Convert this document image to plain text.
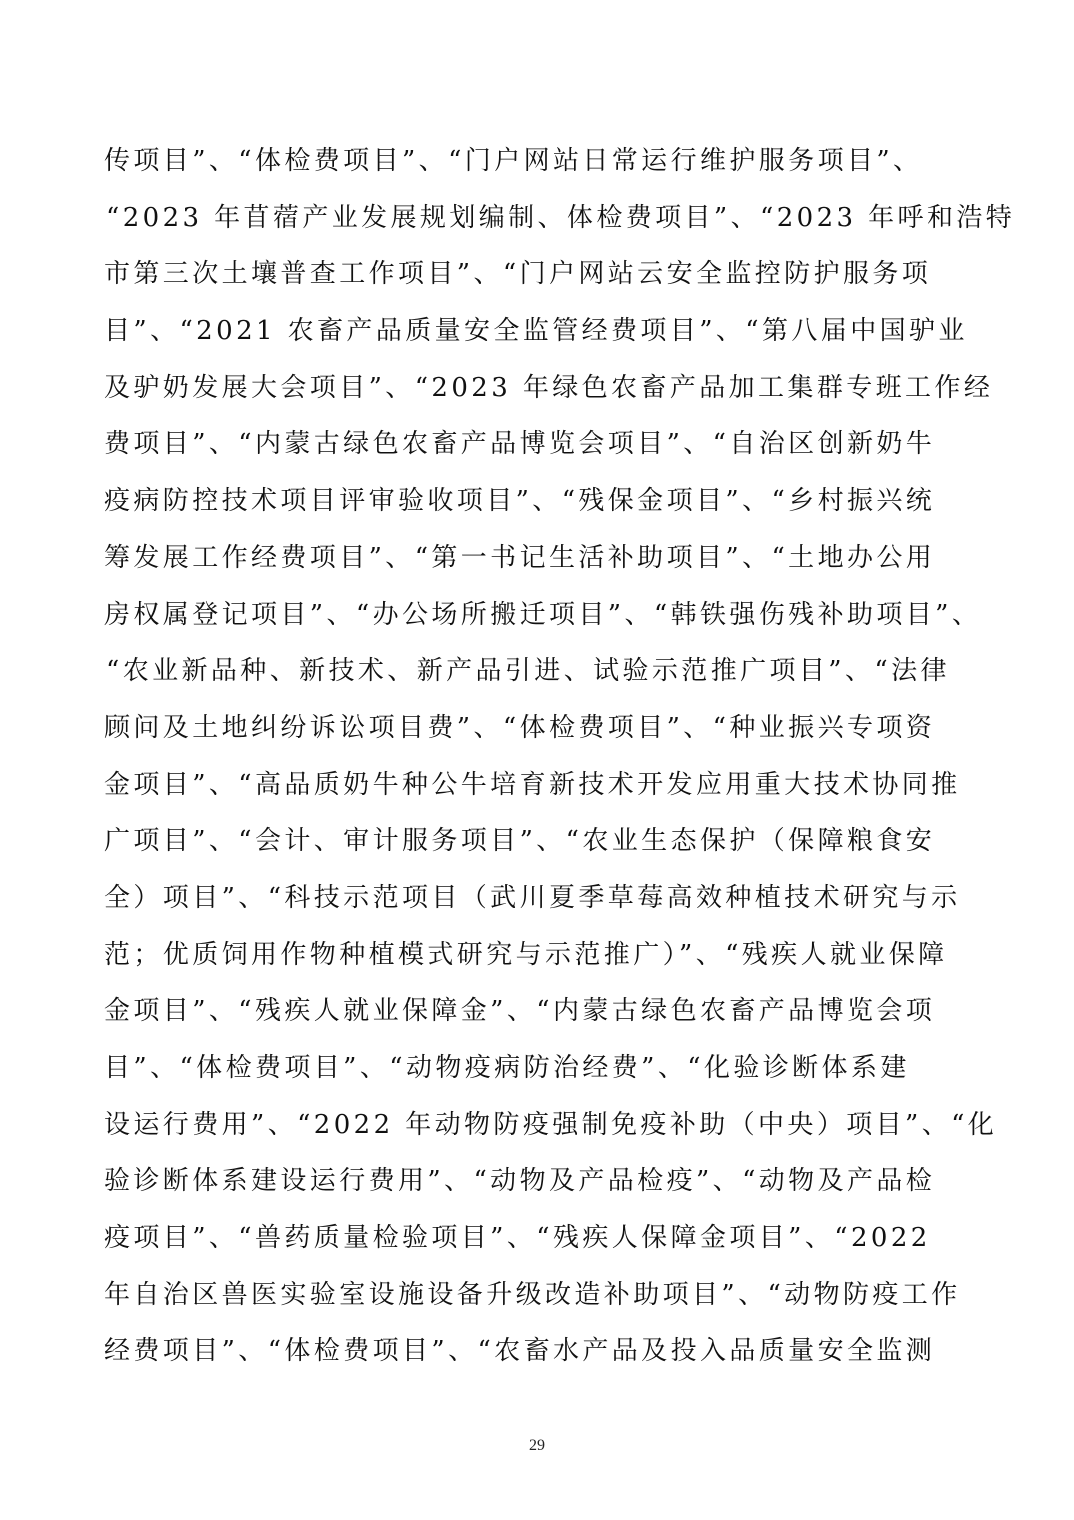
传项目”、“体检费项目”、“门户网站日常运行维护服务项目”、
“2023 年苜蓿产业发展规划编制、体检费项目”、“2023 年呼和浩特
市第三次土壤普查工作项目”、“门户网站云安全监控防护服务项
目”、“2021 农畜产品质量安全监管经费项目”、“第八届中国驴业
及驴奶发展大会项目”、“2023 年绿色农畜产品加工集群专班工作经
费项目”、“内蒙古绿色农畜产品博览会项目”、“自治区创新奶牛
疫病防控技术项目评审验收项目”、“残保金项目”、“乡村振兴统
筹发展工作经费项目”、“第一书记生活补助项目”、“土地办公用
房权属登记项目”、“办公场所搬迁项目”、“韩铁强伤残补助项目”、
“农业新品种、新技术、新产品引进、试验示范推广项目”、“法律
顾问及土地纠纷诉讼项目费”、“体检费项目”、“种业振兴专项资
金项目”、“高品质奶牛种公牛培育新技术开发应用重大技术协同推
广项目”、“会计、审计服务项目”、“农业生态保护（保障粮食安
全）项目”、“科技示范项目（武川夏季草莓高效种植技术研究与示
范；优质饲用作物种植模式研究与示范推广）”、“残疾人就业保障
金项目”、“残疾人就业保障金”、“内蒙古绿色农畜产品博览会项
目”、“体检费项目”、“动物疫病防治经费”、“化验诊断体系建
设运行费用”、“2022 年动物防疫强制免疫补助（中央）项目”、“化
验诊断体系建设运行费用”、“动物及产品检疫”、“动物及产品检
疫项目”、“兽药质量检验项目”、“残疾人保障金项目”、“2022
年自治区兽医实验室设施设备升级改造补助项目”、“动物防疫工作
经费项目”、“体检费项目”、“农畜水产品及投入品质量安全监测
29
